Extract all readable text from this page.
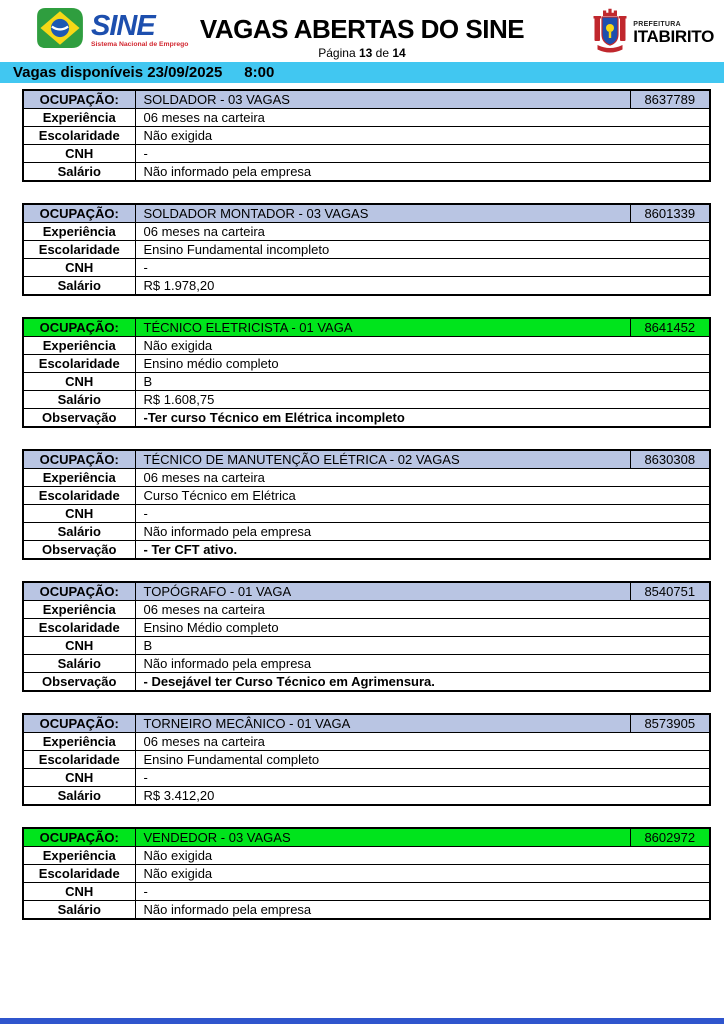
SINE
Sistema Nacional de Emprego
VAGAS ABERTAS DO SINE
Página 13 de 14
PREFEITURA
ITABIRITO
Vagas disponíveis 23/09/2025 8:00
OCUPAÇÃO:	SOLDADOR - 03 VAGAS	8637789
Experiência	06 meses na carteira	
Escolaridade	Não exigida	
CNH	-	
Salário	Não informado pela empresa	
OCUPAÇÃO:	SOLDADOR MONTADOR - 03 VAGAS	8601339
Experiência	06 meses na carteira	
Escolaridade	Ensino Fundamental incompleto	
CNH	-	
Salário	R$ 1.978,20	
OCUPAÇÃO:	TÉCNICO ELETRICISTA - 01 VAGA	8641452
Experiência	Não exigida	
Escolaridade	Ensino médio completo	
CNH	B	
Salário	R$ 1.608,75	
Observação	-Ter curso Técnico em Elétrica incompleto	
OCUPAÇÃO:	TÉCNICO DE MANUTENÇÃO ELÉTRICA - 02 VAGAS	8630308
Experiência	06 meses na carteira	
Escolaridade	Curso Técnico em Elétrica	
CNH	-	
Salário	Não informado pela empresa	
Observação	- Ter CFT ativo.	
OCUPAÇÃO:	TOPÓGRAFO - 01 VAGA	8540751
Experiência	06 meses na carteira	
Escolaridade	Ensino Médio completo	
CNH	B	
Salário	Não informado pela empresa	
Observação	- Desejável ter Curso Técnico em Agrimensura.	
OCUPAÇÃO:	TORNEIRO MECÂNICO - 01 VAGA	8573905
Experiência	06 meses na carteira	
Escolaridade	Ensino Fundamental completo	
CNH	-	
Salário	R$ 3.412,20	
OCUPAÇÃO:	VENDEDOR - 03 VAGAS	8602972
Experiência	Não exigida	
Escolaridade	Não exigida	
CNH	-	
Salário	Não informado pela empresa	
